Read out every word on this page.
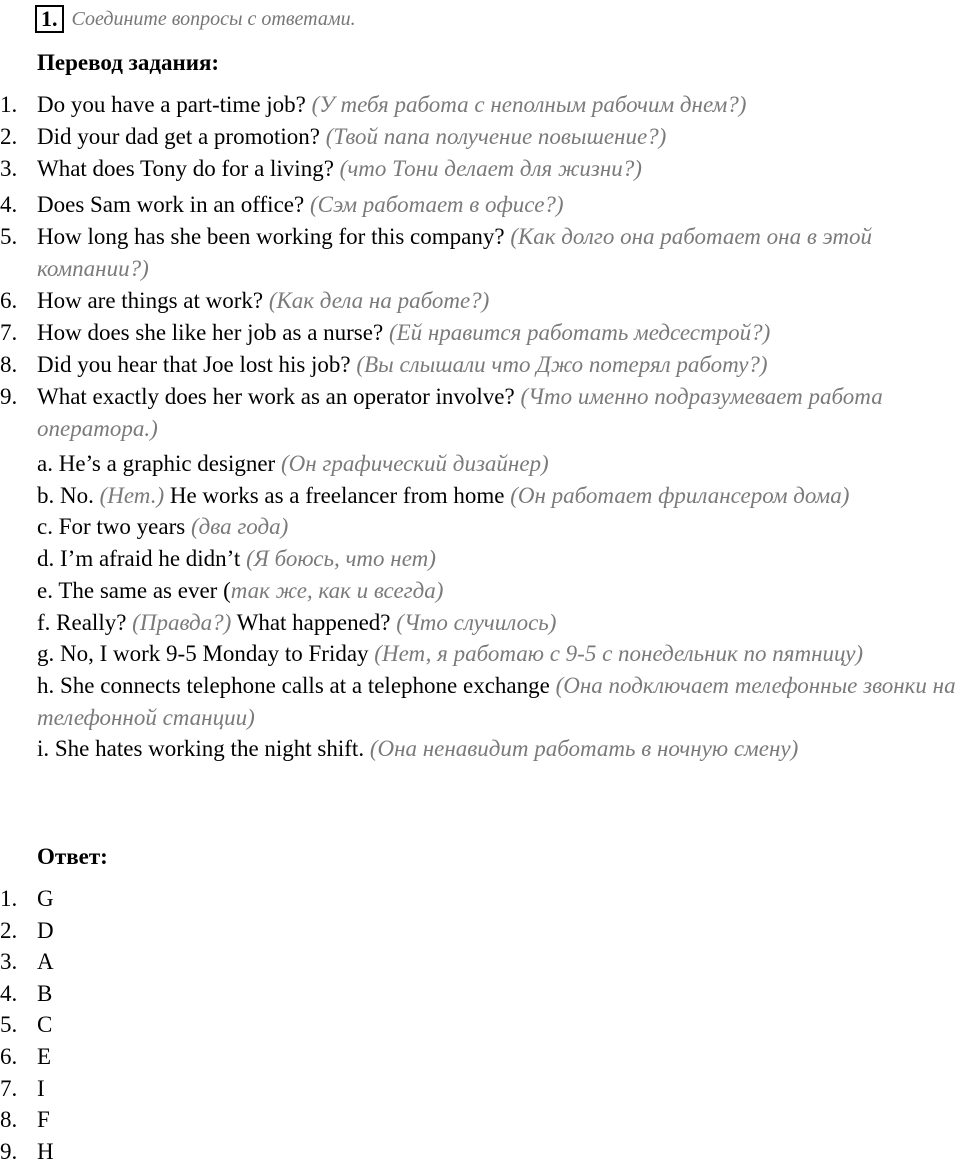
1. Соедините вопросы с ответами.
Перевод задания:
1. Do you have a part-time job? (У тебя работа с неполным рабочим днем?)
2. Did your dad get a promotion? (Твой папа получение повышение?)
3. What does Tony do for a living? (что Тони делает для жизни?)
4. Does Sam work in an office? (Сэм работает в офисе?)
5. How long has she been working for this company? (Как долго она работает она в этой компании?)
6. How are things at work? (Как дела на работе?)
7. How does she like her job as a nurse? (Ей нравится работать медсестрой?)
8. Did you hear that Joe lost his job? (Вы слышали что Джо потерял работу?)
9. What exactly does her work as an operator involve? (Что именно подразумевает работа оператора.)
a. He’s a graphic designer (Он графический дизайнер)
b. No. (Нет.) He works as a freelancer from home (Он работает фрилансером дома)
c. For two years (два года)
d. I’m afraid he didn’t (Я боюсь, что нет)
e. The same as ever (так же, как и всегда)
f. Really? (Правда?) What happened? (Что случилось)
g. No, I work 9-5 Monday to Friday (Нет, я работаю с 9-5 с понедельник по пятницу)
h. She connects telephone calls at a telephone exchange (Она подключает телефонные звонки на телефонной станции)
i. She hates working the night shift. (Она ненавидит работать в ночную смену)
Ответ:
1. G
2. D
3. A
4. B
5. C
6. E
7. I
8. F
9. H
